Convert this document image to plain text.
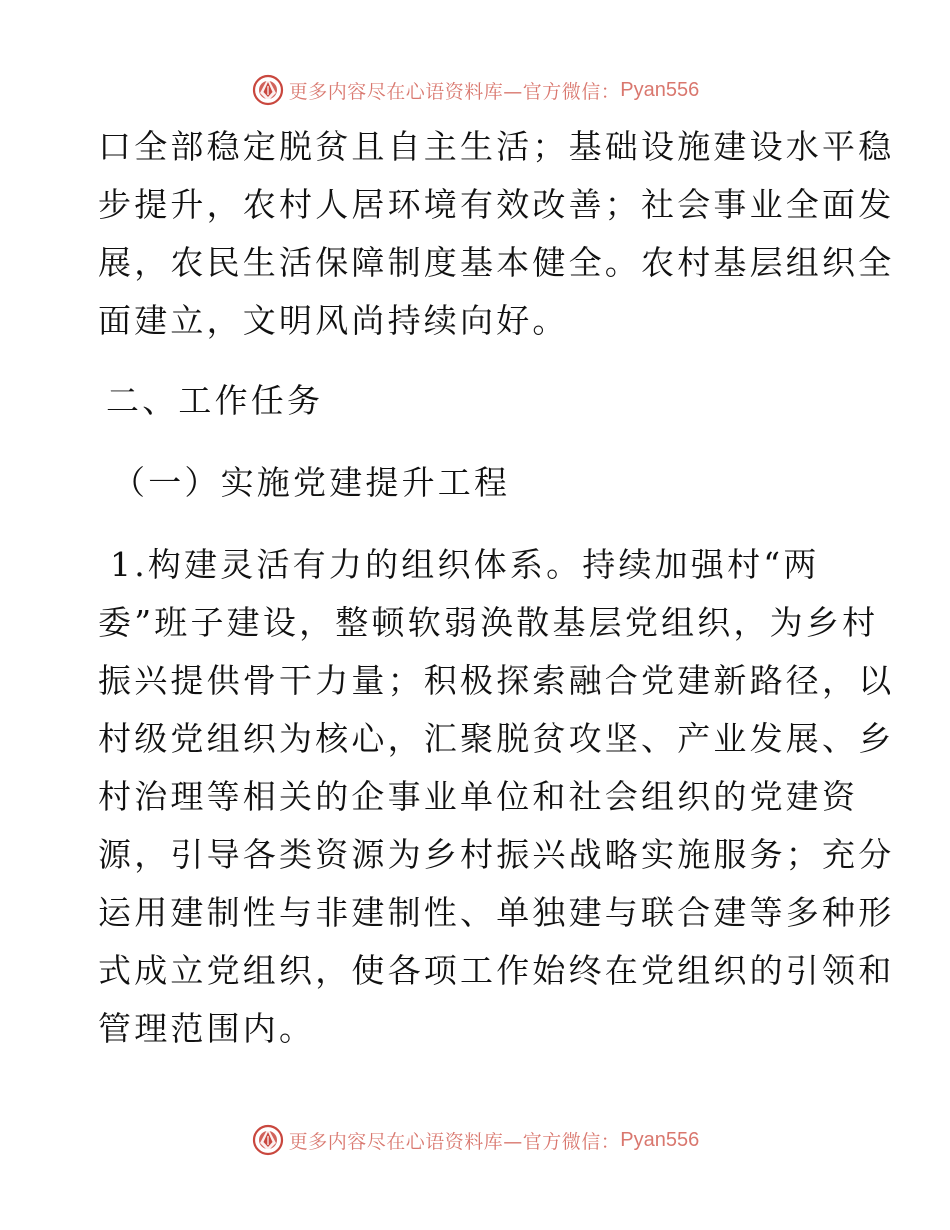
更多内容尽在心语资料库—官方微信： Pyan556

口全部稳定脱贫且自主生活；基础设施建设水平稳
步提升，农村人居环境有效改善；社会事业全面发
展，农民生活保障制度基本健全。农村基层组织全
面建立，文明风尚持续向好。

二、工作任务
（一）实施党建提升工程

1.构建灵活有力的组织体系。持续加强村“两
委”班子建设，整顿软弱涣散基层党组织，为乡村
振兴提供骨干力量；积极探索融合党建新路径，以
村级党组织为核心，汇聚脱贫攻坚、产业发展、乡
村治理等相关的企事业单位和社会组织的党建资
源，引导各类资源为乡村振兴战略实施服务；充分
运用建制性与非建制性、单独建与联合建等多种形
式成立党组织，使各项工作始终在党组织的引领和
管理范围内。

更多内容尽在心语资料库—官方微信： Pyan556
